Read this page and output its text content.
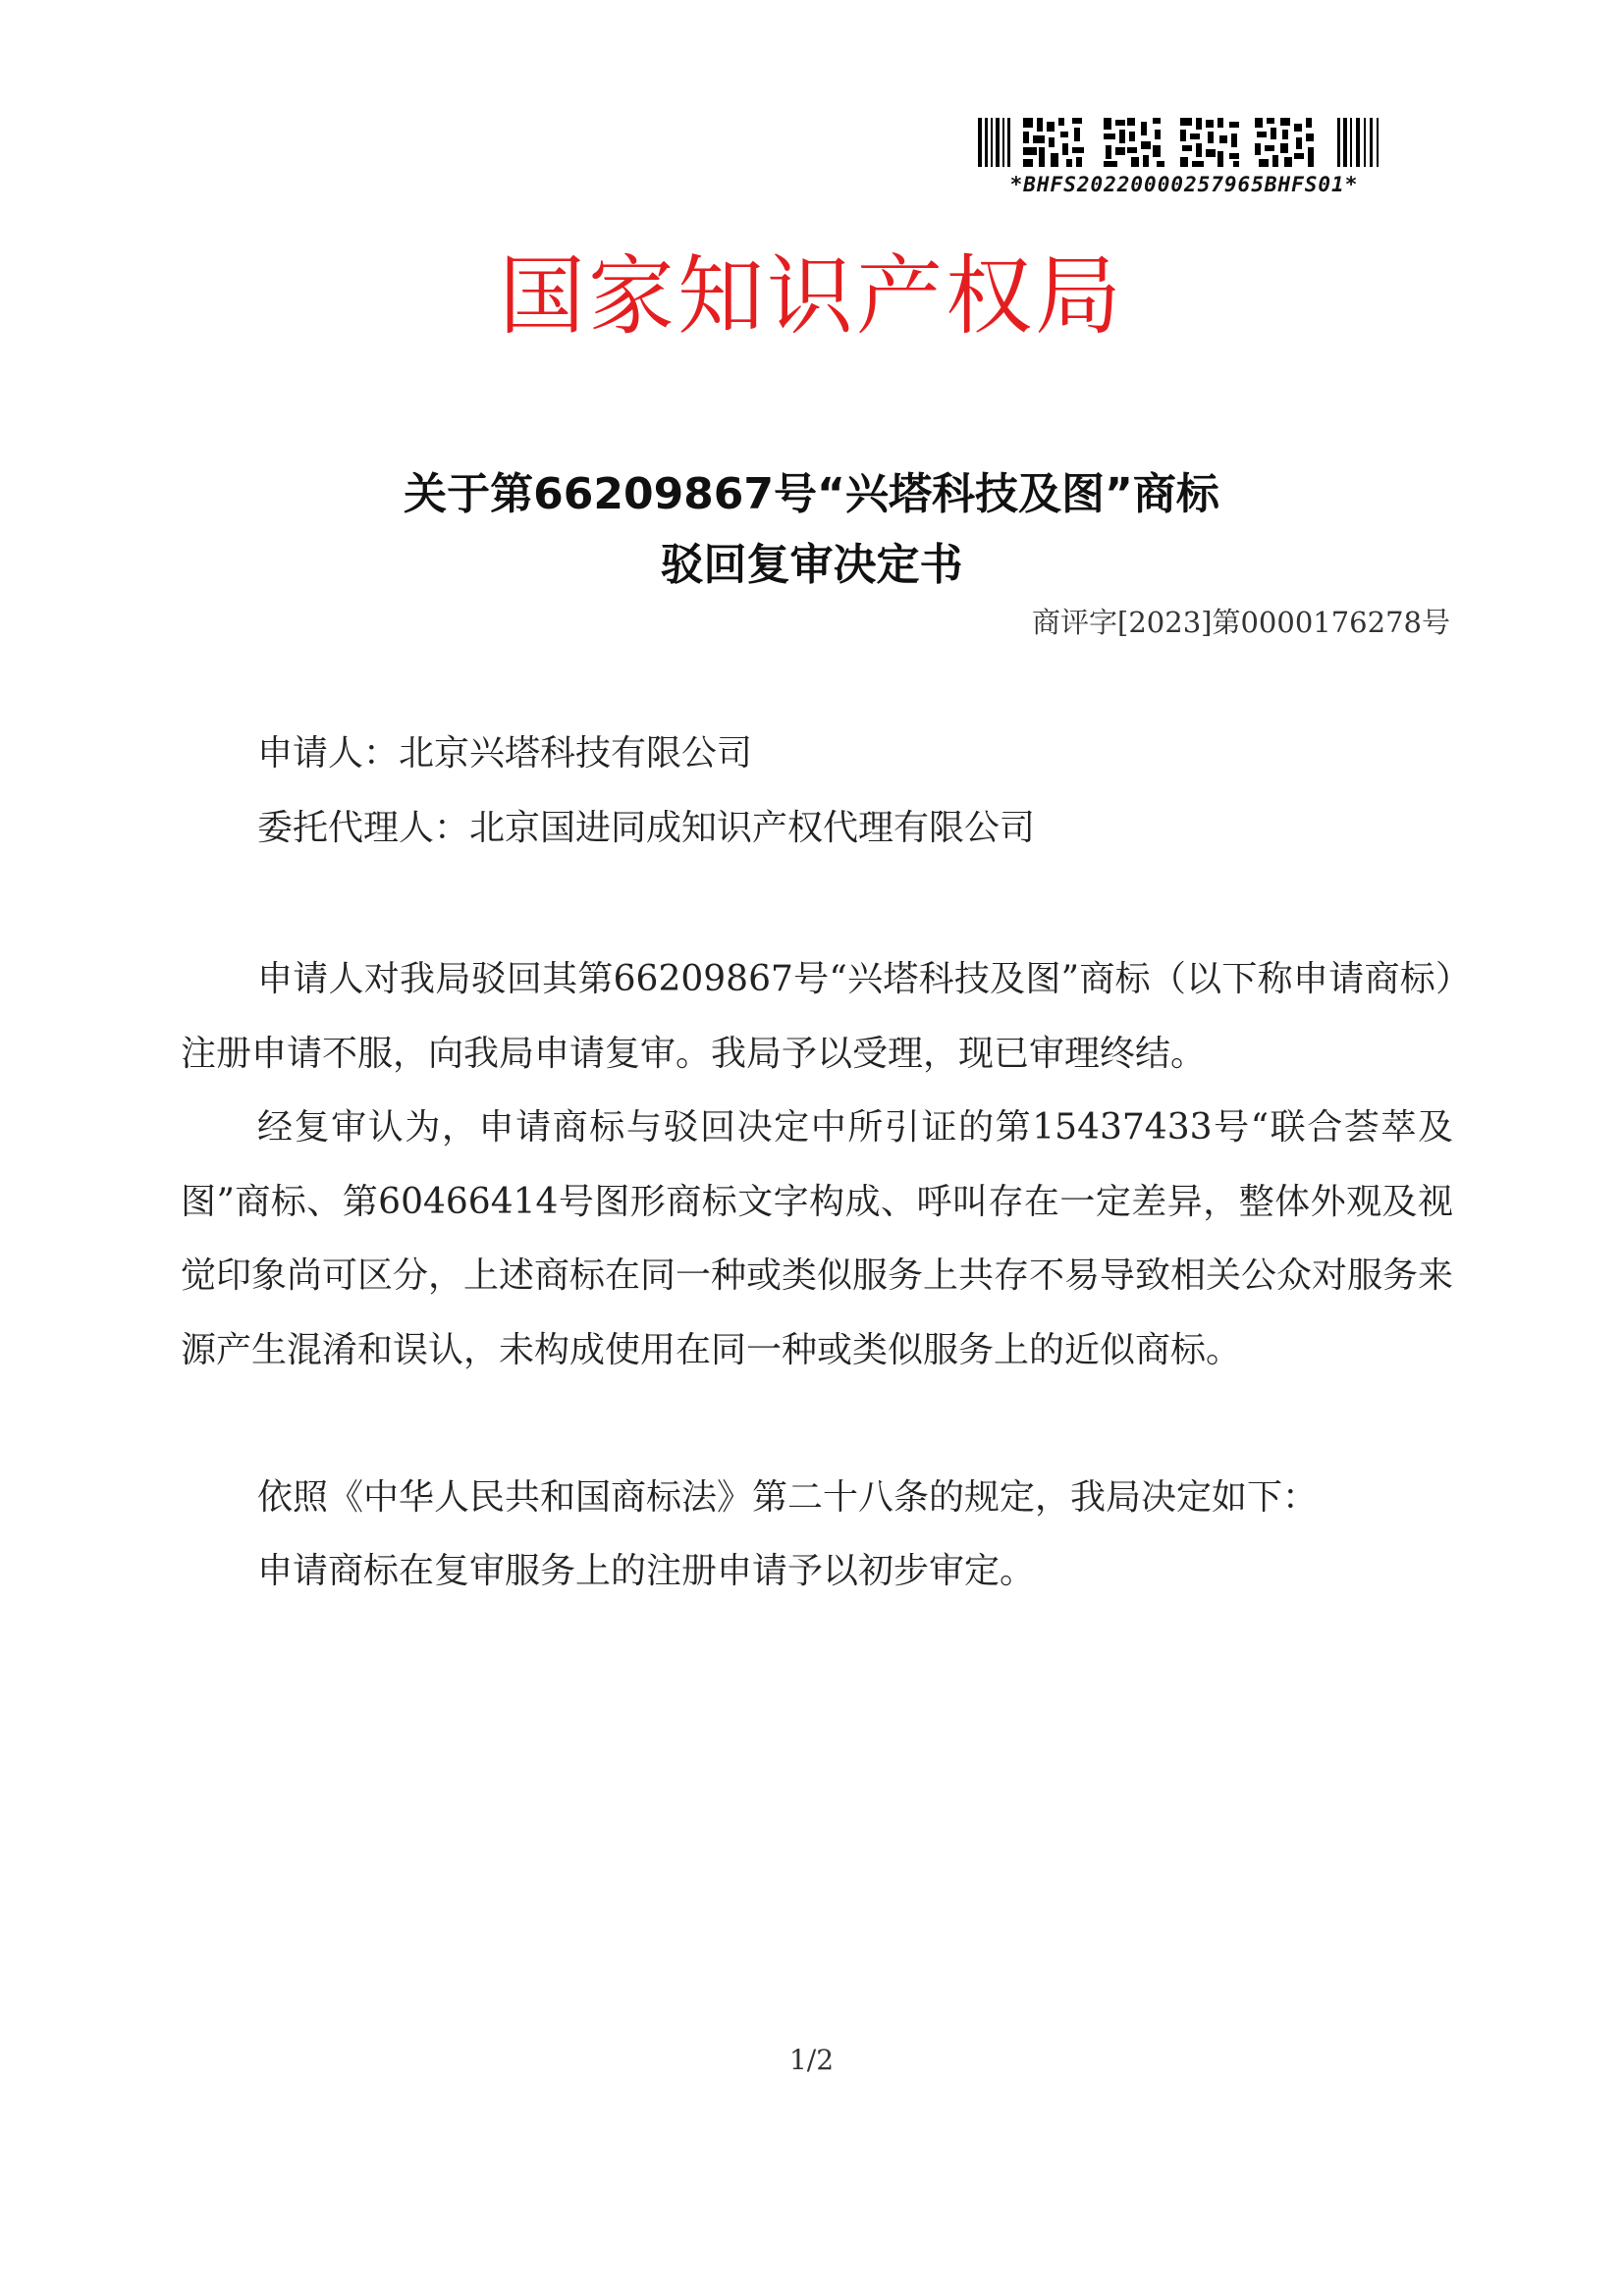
*BHFS20220000257965BHFS01*
国家知识产权局
关于第66209867号“兴塔科技及图”商标
驳回复审决定书
商评字[2023]第0000176278号
申请人：北京兴塔科技有限公司
委托代理人：北京国进同成知识产权代理有限公司
申请人对我局驳回其第66209867号“兴塔科技及图”商标（以下称申请商标）注册申请不服，向我局申请复审。我局予以受理，现已审理终结。
经复审认为，申请商标与驳回决定中所引证的第15437433号“联合荟萃及图”商标、第60466414号图形商标文字构成、呼叫存在一定差异，整体外观及视觉印象尚可区分，上述商标在同一种或类似服务上共存不易导致相关公众对服务来源产生混淆和误认，未构成使用在同一种或类似服务上的近似商标。
依照《中华人民共和国商标法》第二十八条的规定，我局决定如下：
申请商标在复审服务上的注册申请予以初步审定。
1/2
